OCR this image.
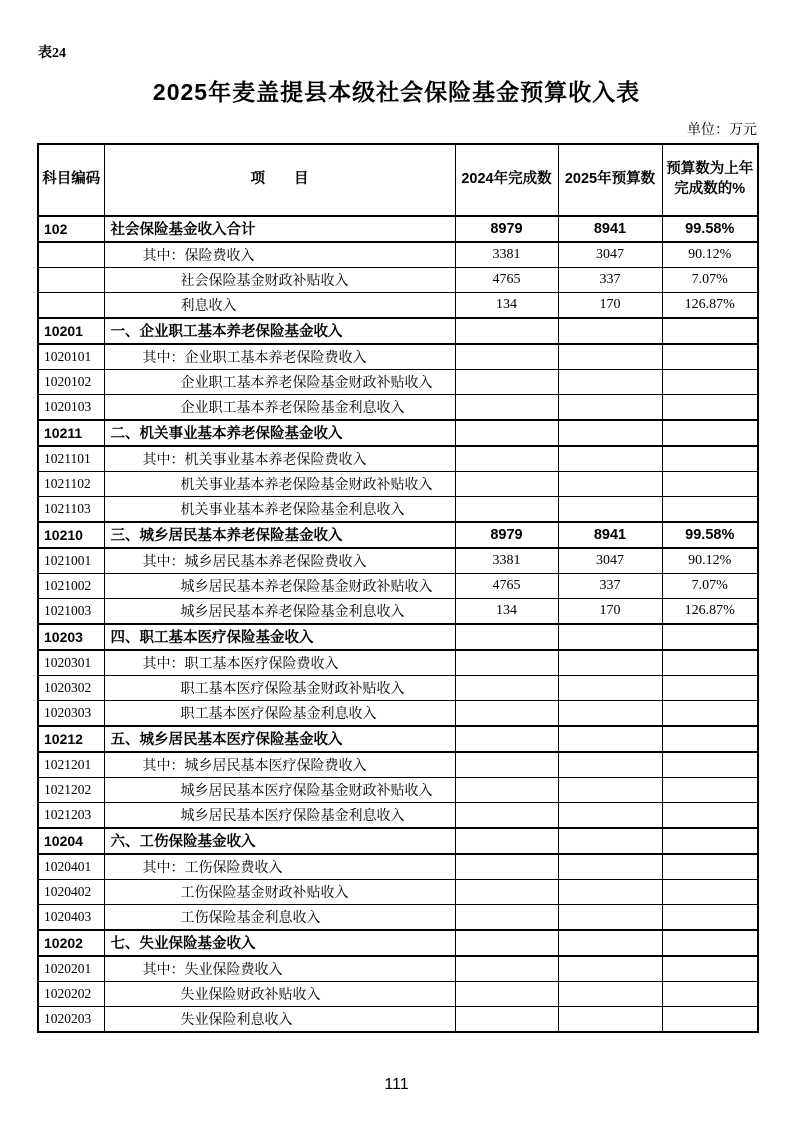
表24
2025年麦盖提县本级社会保险基金预算收入表
单位：万元
科目编码	项　　目	2024年完成数	2025年预算数	预算数为上年完成数的%
102	社会保险基金收入合计	8979	8941	99.58%
	其中：保险费收入	3381	3047	90.12%
	社会保险基金财政补贴收入	4765	337	7.07%
	利息收入	134	170	126.87%
10201	一、企业职工基本养老保险基金收入			
1020101	其中：企业职工基本养老保险费收入			
1020102	企业职工基本养老保险基金财政补贴收入			
1020103	企业职工基本养老保险基金利息收入			
10211	二、机关事业基本养老保险基金收入			
1021101	其中：机关事业基本养老保险费收入			
1021102	机关事业基本养老保险基金财政补贴收入			
1021103	机关事业基本养老保险基金利息收入			
10210	三、城乡居民基本养老保险基金收入	8979	8941	99.58%
1021001	其中：城乡居民基本养老保险费收入	3381	3047	90.12%
1021002	城乡居民基本养老保险基金财政补贴收入	4765	337	7.07%
1021003	城乡居民基本养老保险基金利息收入	134	170	126.87%
10203	四、职工基本医疗保险基金收入			
1020301	其中：职工基本医疗保险费收入			
1020302	职工基本医疗保险基金财政补贴收入			
1020303	职工基本医疗保险基金利息收入			
10212	五、城乡居民基本医疗保险基金收入			
1021201	其中：城乡居民基本医疗保险费收入			
1021202	城乡居民基本医疗保险基金财政补贴收入			
1021203	城乡居民基本医疗保险基金利息收入			
10204	六、工伤保险基金收入			
1020401	其中：工伤保险费收入			
1020402	工伤保险基金财政补贴收入			
1020403	工伤保险基金利息收入			
10202	七、失业保险基金收入			
1020201	其中：失业保险费收入			
1020202	失业保险财政补贴收入			
1020203	失业保险利息收入			
111
